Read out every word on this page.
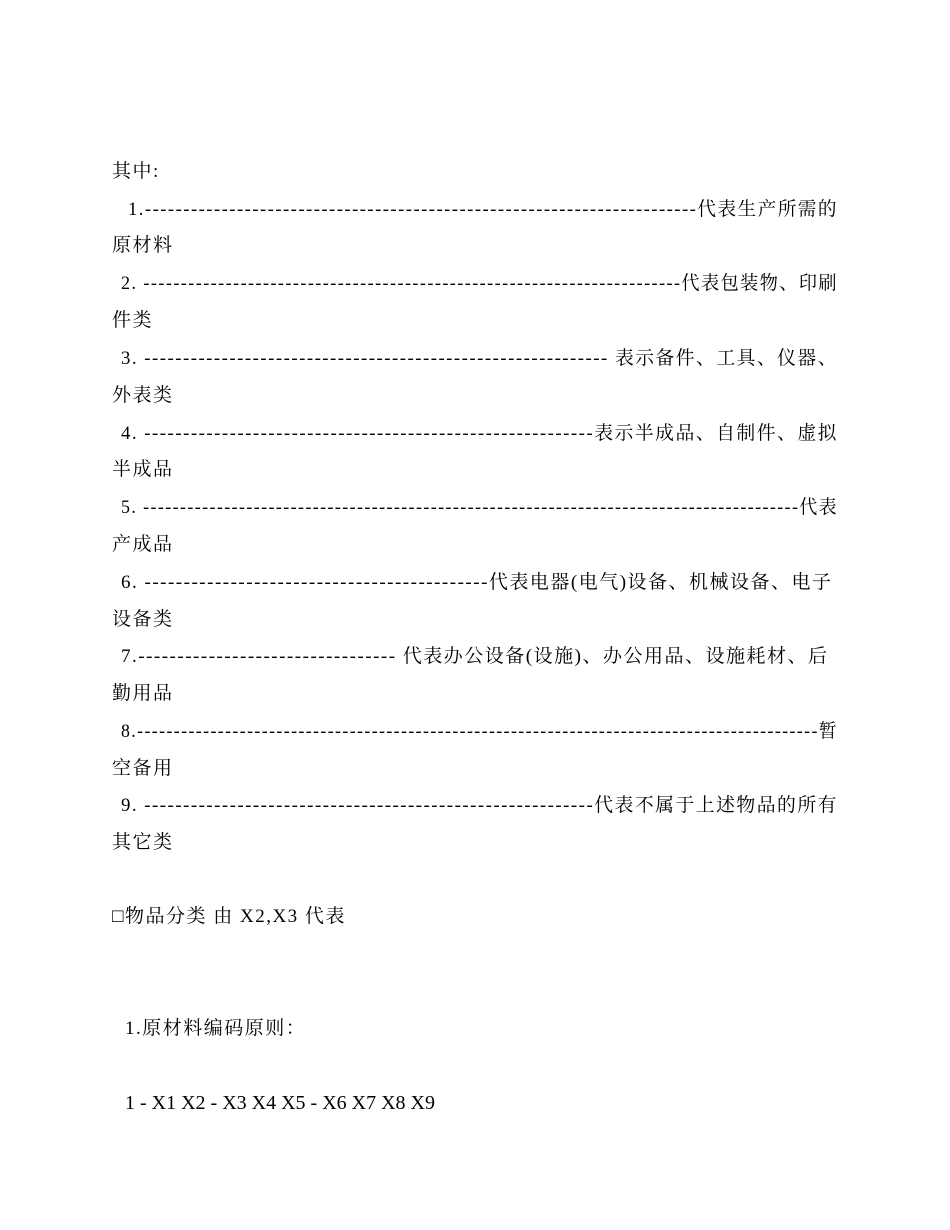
其中:
1.------------------------------------------------------------------------代表生产所需的
原材料
2. ------------------------------------------------------------------------代表包装物、印刷
件类
3. ------------------------------------------------------------ 表示备件、工具、仪器、
外表类
4. ----------------------------------------------------------表示半成品、自制件、虚拟
半成品
5. -----------------------------------------------------------------------------------------代表
产成品
6. --------------------------------------------代表电器(电气)设备、机械设备、电子
设备类
7.--------------------------------- 代表办公设备(设施)、办公用品、设施耗材、后
勤用品
8.---------------------------------------------------------------------------------------------暂
空备用
9. ----------------------------------------------------------代表不属于上述物品的所有
其它类
□物品分类 由 X2,X3 代表
1.原材料编码原则：
1 - X1 X2 - X3 X4 X5 - X6 X7 X8 X9
